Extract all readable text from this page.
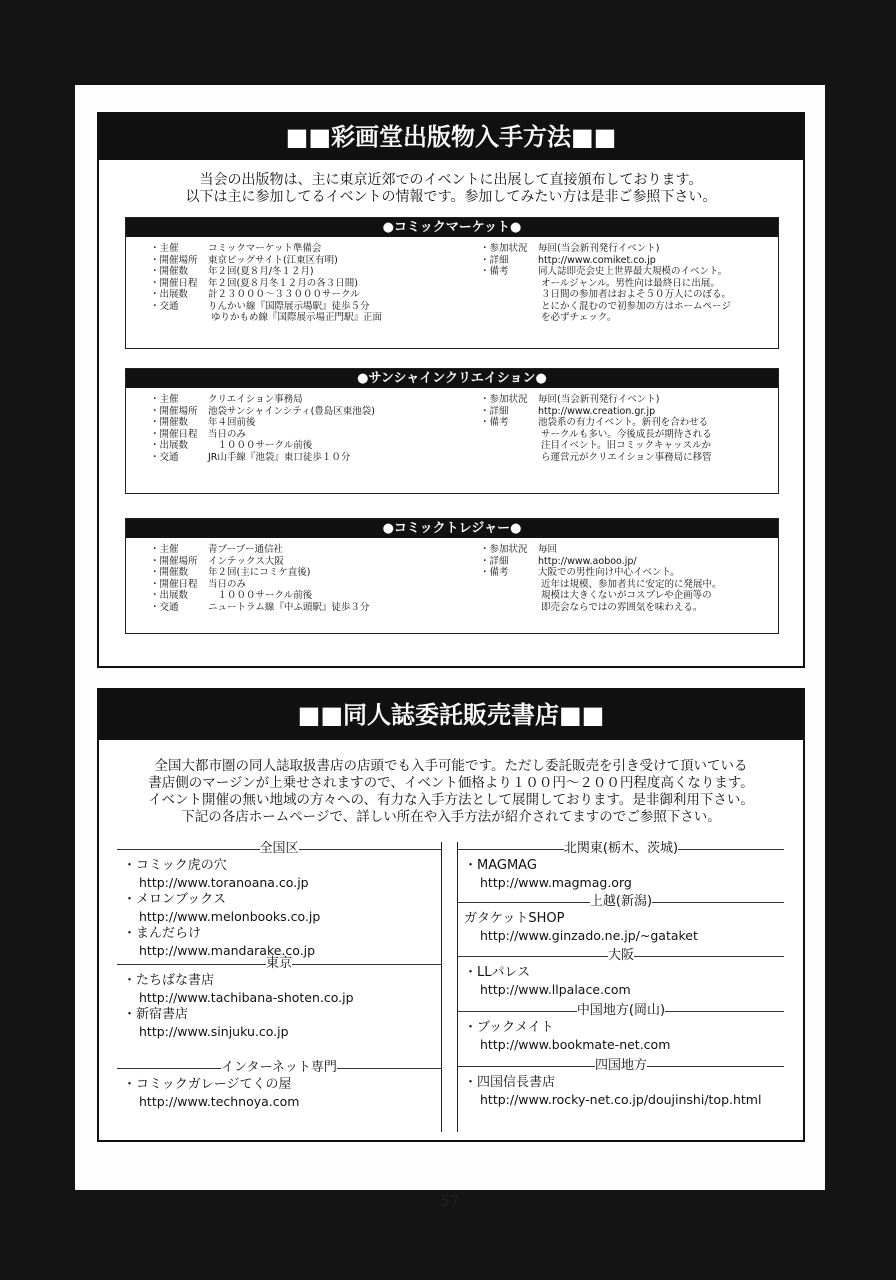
■■彩画堂出版物入手方法■■
当会の出版物は、主に東京近郊でのイベントに出展して直接頒布しております。
以下は主に参加してるイベントの情報です。参加してみたい方は是非ご参照下さい。
●コミックマーケット●
・主催	コミックマーケット準備会
・開催場所	東京ビッグサイト(江東区有明)
・開催数	年２回(夏８月/冬１２月)
・開催日程	年２回(夏８月冬１２月の各３日間)
・出展数	計２３０００～３３０００サークル
・交通	りんかい線『国際展示場駅』徒歩５分
ゆりかもめ線『国際展示場正門駅』正面
・参加状況	毎回(当会新刊発行イベント)
・詳細	http://www.comiket.co.jp
・備考	同人誌即売会史上世界最大規模のイベント。
オールジャンル。男性向は最終日に出展。
３日間の参加者はおよそ５０万人にのぼる。
とにかく混むので初参加の方はホームページ
を必ずチェック。
●サンシャインクリエイション●
・主催	クリエイション事務局
・開催場所	池袋サンシャインシティ(豊島区東池袋)
・開催数	年４回前後
・開催日程	当日のみ
・出展数	　１０００サークル前後
・交通	JR山手線『池袋』東口徒歩１０分
・参加状況	毎回(当会新刊発行イベント)
・詳細	http://www.creation.gr.jp
・備考	池袋系の有力イベント。新刊を合わせる
サークルも多い。今後成長が期待される
注目イベント。旧コミックキャッスルか
ら運営元がクリエイション事務局に移管
●コミックトレジャー●
・主催	青ブーブー通信社
・開催場所	インテックス大阪
・開催数	年２回(主にコミケ直後)
・開催日程	当日のみ
・出展数	　１０００サークル前後
・交通	ニュートラム線『中ふ頭駅』徒歩３分
・参加状況	毎回
・詳細	http://www.aoboo.jp/
・備考	大阪での男性向け中心イベント。
近年は規模、参加者共に安定的に発展中。
規模は大きくないがコスプレや企画等の
即売会ならではの雰囲気を味わえる。
■■同人誌委託販売書店■■
全国大都市圏の同人誌取扱書店の店頭でも入手可能です。ただし委託販売を引き受けて頂いている
書店側のマージンが上乗せされますので、イベント価格より１００円～２００円程度高くなります。
イベント開催の無い地域の方々への、有力な入手方法として展開しております。是非御利用下さい。
下記の各店ホームページで、詳しい所在や入手方法が紹介されてますのでご参照下さい。
全国区
・コミック虎の穴
http://www.toranoana.co.jp
・メロンブックス
http://www.melonbooks.co.jp
・まんだらけ
http://www.mandarake.co.jp
東京
・たちばな書店
http://www.tachibana-shoten.co.jp
・新宿書店
http://www.sinjuku.co.jp
インターネット専門
・コミックガレージてくの屋
http://www.technoya.com
北関東(栃木、茨城)
・MAGMAG
http://www.magmag.org
上越(新潟)
ガタケットSHOP
http://www.ginzado.ne.jp/~gataket
大阪
・LLパレス
http://www.llpalace.com
中国地方(岡山)
・ブックメイト
http://www.bookmate-net.com
四国地方
・四国信長書店
http://www.rocky-net.co.jp/doujinshi/top.html
57
